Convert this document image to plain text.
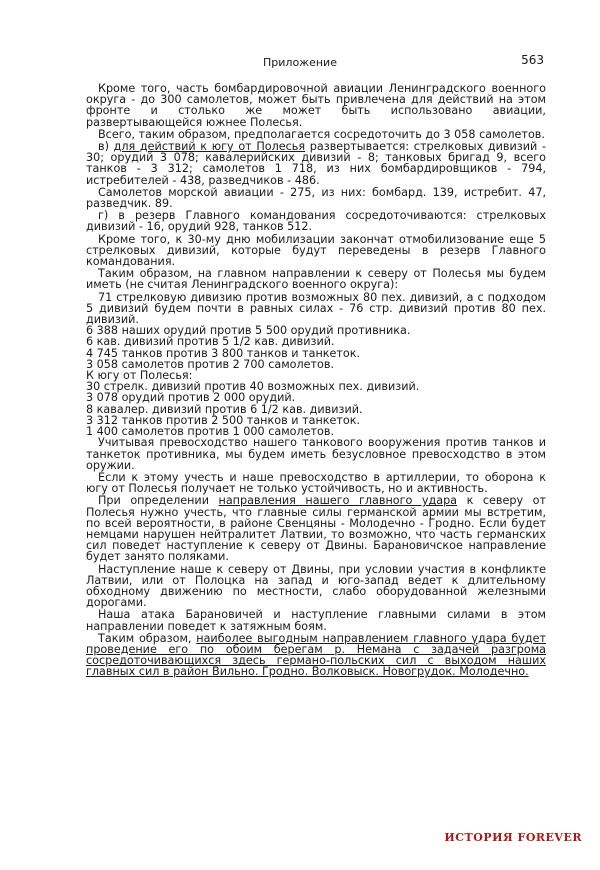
Приложение	563

Кроме того, часть бомбардировочной авиации Ленинградского военного округа - до 300 самолетов, может быть привлечена для действий на этом фронте и столько же может быть использовано авиации, развертывающейся южнее Полесья.

Всего, таким образом, предполагается сосредоточить до 3 058 самолетов.

в) для действий к югу от Полесья развертывается: стрелковых дивизий - 30; орудий 3 078; кавалерийских дивизий - 8; танковых бригад 9, всего танков - 3 312; самолетов 1 718, из них бомбардировщиков - 794, истребителей - 438, разведчиков - 486.

Самолетов морской авиации - 275, из них: бомбард. 139, истребит. 47, разведчик. 89.

г) в резерв Главного командования сосредоточиваются: стрелковых дивизий - 16, орудий 928, танков 512.

Кроме того, к 30-му дню мобилизации закончат отмобилизование еще 5 стрелковых дивизий, которые будут переведены в резерв Главного командования.

Таким образом, на главном направлении к северу от Полесья мы будем иметь (не считая Ленинградского военного округа):

71 стрелковую дивизию против возможных 80 пех. дивизий, а с подходом 5 дивизий будем почти в равных силах - 76 стр. дивизий против 80 пех. дивизий.

6 388 наших орудий против 5 500 орудий противника.

6 кав. дивизий против 5 1/2 кав. дивизий.

4 745 танков против 3 800 танков и танкеток.

3 058 самолетов против 2 700 самолетов.

К югу от Полесья:

30 стрелк. дивизий против 40 возможных пех. дивизий.

3 078 орудий против 2 000 орудий.

8 кавалер. дивизий против 6 1/2 кав. дивизий.

3 312 танков против 2 500 танков и танкеток.

1 400 самолетов против 1 000 самолетов.

Учитывая превосходство нашего танкового вооружения против танков и танкеток противника, мы будем иметь безусловное превосходство в этом оружии.

Если к этому учесть и наше превосходство в артиллерии, то оборона к югу от Полесья получает не только устойчивость, но и активность.

При определении направления нашего главного удара к северу от Полесья нужно учесть, что главные силы германской армии мы встретим, по всей вероятности, в районе Свенцяны - Молодечно - Гродно. Если будет немцами нарушен нейтралитет Латвии, то возможно, что часть германских сил поведет наступление к северу от Двины. Барановичское направление будет занято поляками.

Наступление наше к северу от Двины, при условии участия в конфликте Латвии, или от Полоцка на запад и юго-запад ведет к длительному обходному движению по местности, слабо оборудованной железными дорогами.

Наша атака Барановичей и наступление главными силами в этом направлении поведет к затяжным боям.

Таким образом, наиболее выгодным направлением главного удара будет проведение его по обоим берегам р. Немана с задачей разгрома сосредоточивающихся здесь германо-польских сил с выходом наших главных сил в район Вильно. Гродно. Волковыск. Новогрудок. Молодечно.

ИСТОРИЯ FOREVER
